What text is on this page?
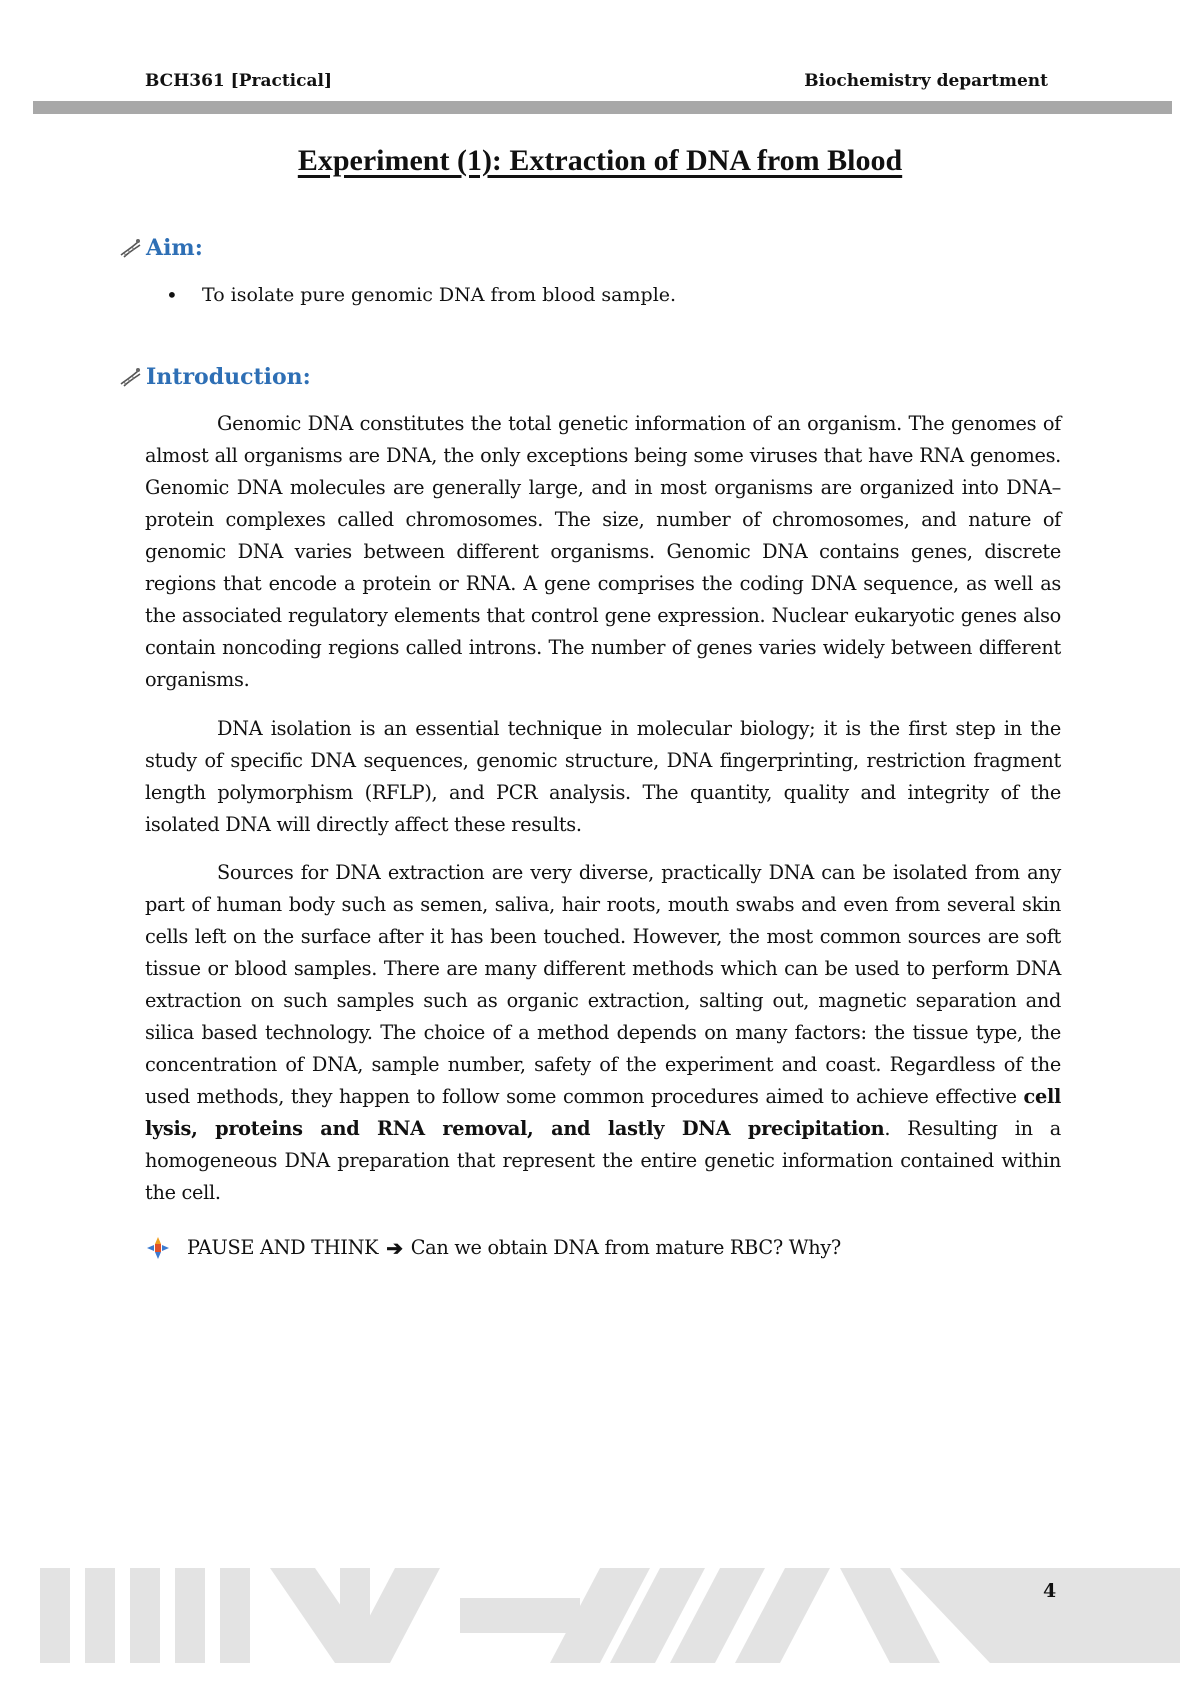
BCH361 [Practical]	Biochemistry department
Experiment (1): Extraction of DNA from Blood
Aim:
•	To isolate pure genomic DNA from blood sample.
Introduction:

Genomic DNA constitutes the total genetic information of an organism. The genomes of almost all organisms are DNA, the only exceptions being some viruses that have RNA genomes. Genomic DNA molecules are generally large, and in most organisms are organized into DNA–protein complexes called chromosomes. The size, number of chromosomes, and nature of genomic DNA varies between different organisms. Genomic DNA contains genes, discrete regions that encode a protein or RNA. A gene comprises the coding DNA sequence, as well as the associated regulatory elements that control gene expression. Nuclear eukaryotic genes also contain noncoding regions called introns. The number of genes varies widely between different organisms.

DNA isolation is an essential technique in molecular biology; it is the first step in the study of specific DNA sequences, genomic structure, DNA fingerprinting, restriction fragment length polymorphism (RFLP), and PCR analysis. The quantity, quality and integrity of the isolated DNA will directly affect these results.

Sources for DNA extraction are very diverse, practically DNA can be isolated from any part of human body such as semen, saliva, hair roots, mouth swabs and even from several skin cells left on the surface after it has been touched. However, the most common sources are soft tissue or blood samples. There are many different methods which can be used to perform DNA extraction on such samples such as organic extraction, salting out, magnetic separation and silica based technology. The choice of a method depends on many factors: the tissue type, the concentration of DNA, sample number, safety of the experiment and coast. Regardless of the used methods, they happen to follow some common procedures aimed to achieve effective cell lysis, proteins and RNA removal, and lastly DNA precipitation. Resulting in a homogeneous DNA preparation that represent the entire genetic information contained within the cell.

PAUSE AND THINK ➔ Can we obtain DNA from mature RBC? Why?
4
